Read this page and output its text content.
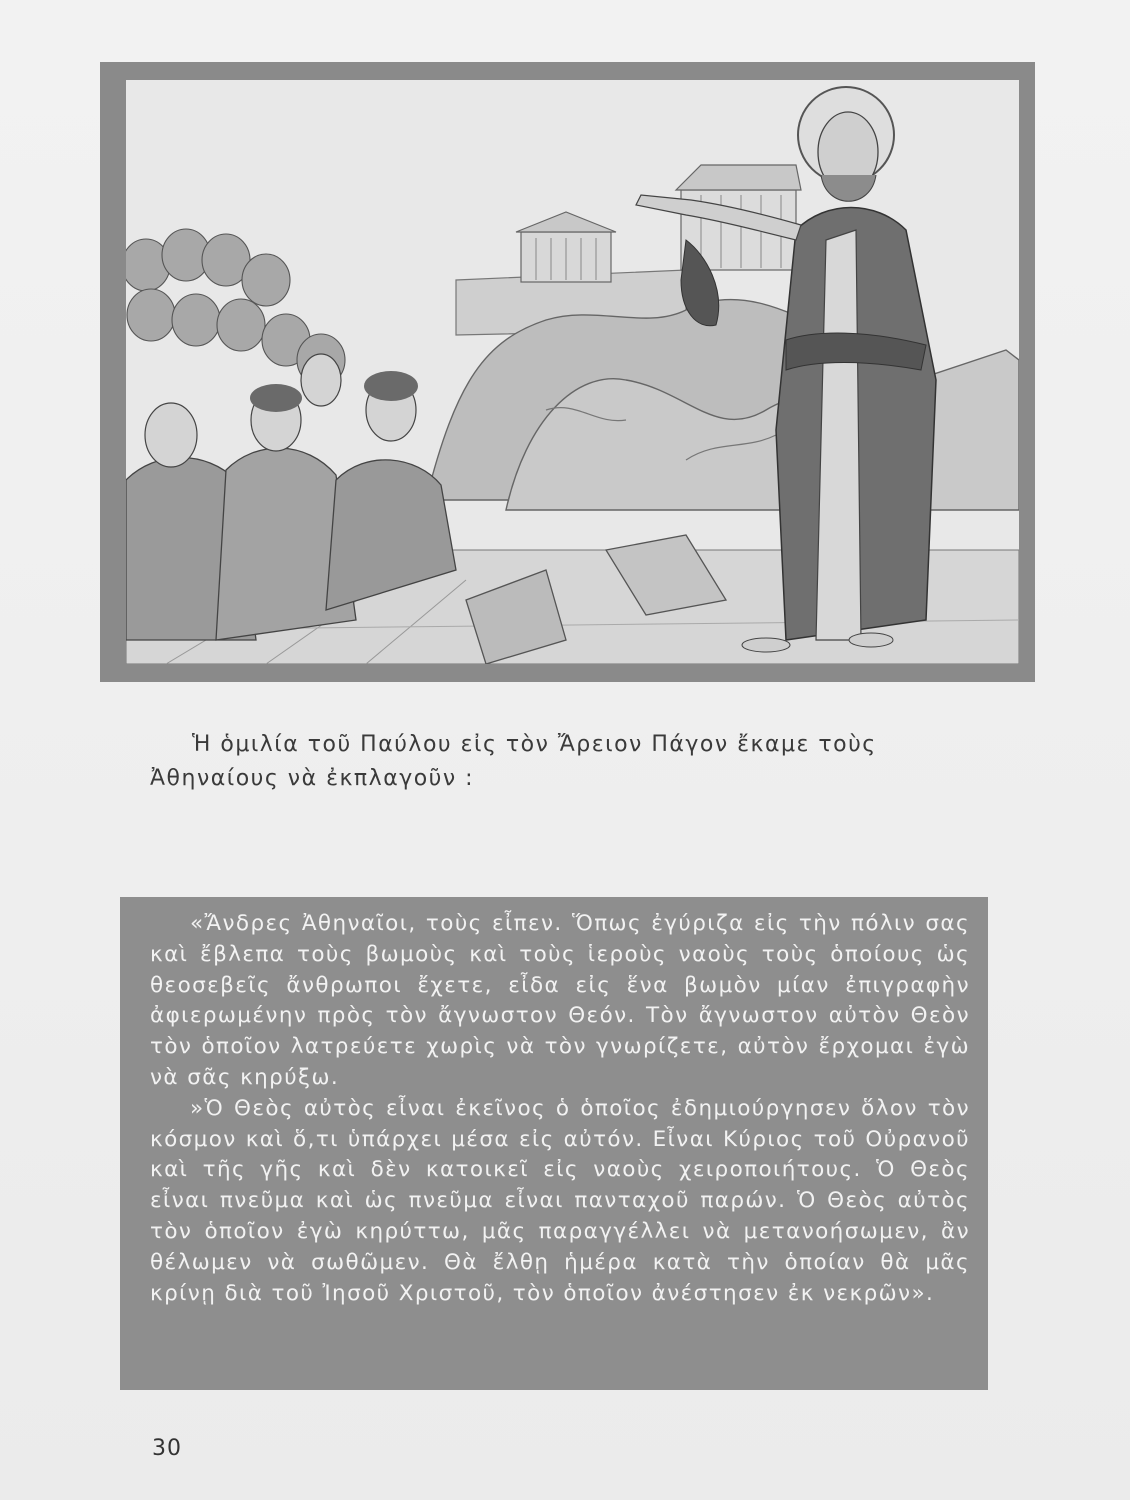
Ἡ ὁμιλία τοῦ Παύλου εἰς τὸν Ἄρειον Πάγον ἔκαμε τοὺς Ἀθηναίους νὰ ἐκπλαγοῦν :

«Ἄνδρες Ἀθηναῖοι, τοὺς εἶπεν. Ὅπως ἐγύριζα εἰς τὴν πόλιν σας καὶ ἔβλεπα τοὺς βωμοὺς καὶ τοὺς ἱεροὺς ναοὺς τοὺς ὁποίους ὡς θεοσεβεῖς ἄνθρωποι ἔχετε, εἶδα εἰς ἕνα βωμὸν μίαν ἐπιγραφὴν ἀφιερωμένην πρὸς τὸν ἄγνωστον Θεόν. Τὸν ἄγνωστον αὐτὸν Θεὸν τὸν ὁποῖον λατρεύετε χωρὶς νὰ τὸν γνωρίζετε, αὐτὸν ἔρχομαι ἐγὼ νὰ σᾶς κηρύξω.

»Ὁ Θεὸς αὐτὸς εἶναι ἐκεῖνος ὁ ὁποῖος ἐδημιούργησεν ὅλον τὸν κόσμον καὶ ὅ,τι ὑπάρχει μέσα εἰς αὐτόν. Εἶναι Κύριος τοῦ Οὐρανοῦ καὶ τῆς γῆς καὶ δὲν κατοικεῖ εἰς ναοὺς χειροποιήτους. Ὁ Θεὸς εἶναι πνεῦμα καὶ ὡς πνεῦμα εἶναι πανταχοῦ παρών. Ὁ Θεὸς αὐτὸς τὸν ὁποῖον ἐγὼ κηρύττω, μᾶς παραγγέλλει νὰ μετανοήσωμεν, ἂν θέλωμεν νὰ σωθῶμεν. Θὰ ἔλθῃ ἡμέρα κατὰ τὴν ὁποίαν θὰ μᾶς κρίνῃ διὰ τοῦ Ἰησοῦ Χριστοῦ, τὸν ὁποῖον ἀνέστησεν ἐκ νεκρῶν».

30
